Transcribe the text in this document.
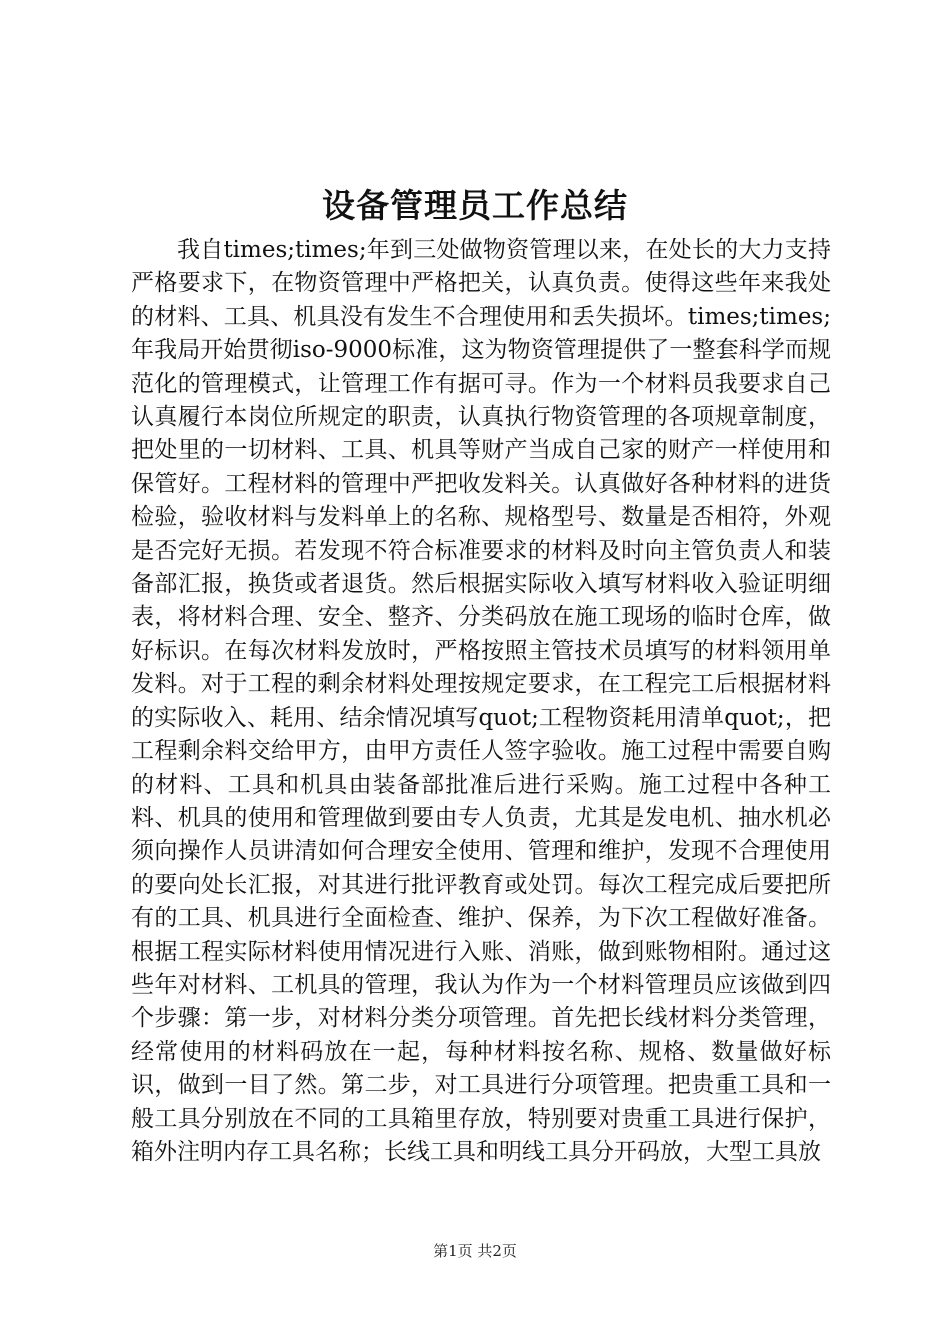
设备管理员工作总结

我自times;times;年到三处做物资管理以来，在处长的大力支持严格要求下，在物资管理中严格把关，认真负责。使得这些年来我处的材料、工具、机具没有发生不合理使用和丢失损坏。times;times;年我局开始贯彻iso-9000标准，这为物资管理提供了一整套科学而规范化的管理模式，让管理工作有据可寻。作为一个材料员我要求自己认真履行本岗位所规定的职责，认真执行物资管理的各项规章制度，把处里的一切材料、工具、机具等财产当成自己家的财产一样使用和保管好。工程材料的管理中严把收发料关。认真做好各种材料的进货检验，验收材料与发料单上的名称、规格型号、数量是否相符，外观是否完好无损。若发现不符合标准要求的材料及时向主管负责人和装备部汇报，换货或者退货。然后根据实际收入填写材料收入验证明细表，将材料合理、安全、整齐、分类码放在施工现场的临时仓库，做好标识。在每次材料发放时，严格按照主管技术员填写的材料领用单发料。对于工程的剩余材料处理按规定要求，在工程完工后根据材料的实际收入、耗用、结余情况填写quot;工程物资耗用清单quot;，把工程剩余料交给甲方，由甲方责任人签字验收。施工过程中需要自购的材料、工具和机具由装备部批准后进行采购。施工过程中各种工料、机具的使用和管理做到要由专人负责，尤其是发电机、抽水机必须向操作人员讲清如何合理安全使用、管理和维护，发现不合理使用的要向处长汇报，对其进行批评教育或处罚。每次工程完成后要把所有的工具、机具进行全面检查、维护、保养，为下次工程做好准备。根据工程实际材料使用情况进行入账、消账，做到账物相附。通过这些年对材料、工机具的管理，我认为作为一个材料管理员应该做到四个步骤：第一步，对材料分类分项管理。首先把长线材料分类管理，经常使用的材料码放在一起，每种材料按名称、规格、数量做好标识，做到一目了然。第二步，对工具进行分项管理。把贵重工具和一般工具分别放在不同的工具箱里存放，特别要对贵重工具进行保护，箱外注明内存工具名称；长线工具和明线工具分开码放，大型工具放

第1页 共2页
